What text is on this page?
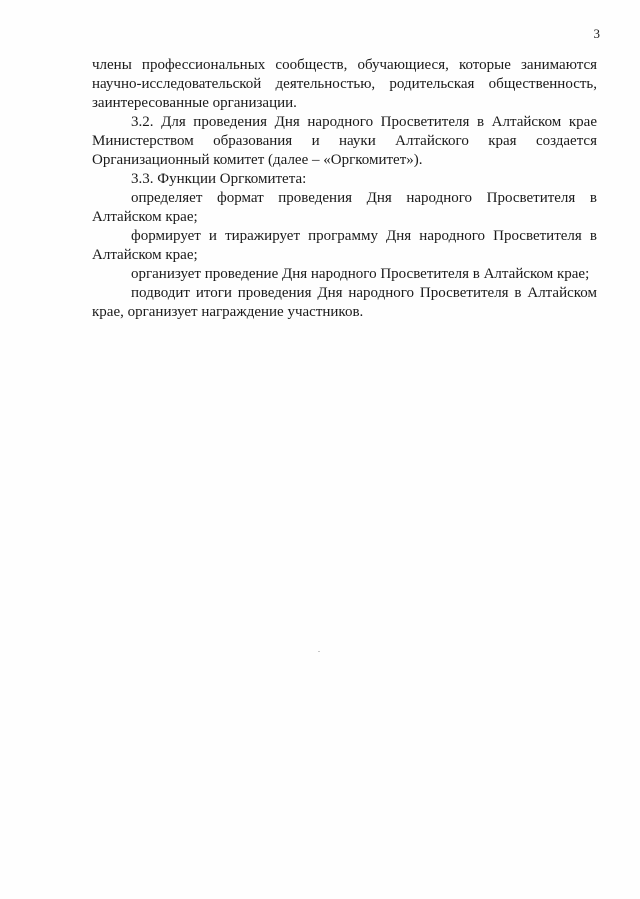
3

члены профессиональных сообществ, обучающиеся, которые занимаются научно-исследовательской деятельностью, родительская общественность, заинтересованные организации.

3.2. Для проведения Дня народного Просветителя в Алтайском крае Министерством образования и науки Алтайского края создается Организационный комитет (далее – «Оргкомитет»).

3.3. Функции Оргкомитета:

определяет формат проведения Дня народного Просветителя в Алтайском крае;

формирует и тиражирует программу Дня народного Просветителя в Алтайском крае;

организует проведение Дня народного Просветителя в Алтайском крае;

подводит итоги проведения Дня народного Просветителя в Алтайском крае, организует награждение участников.
